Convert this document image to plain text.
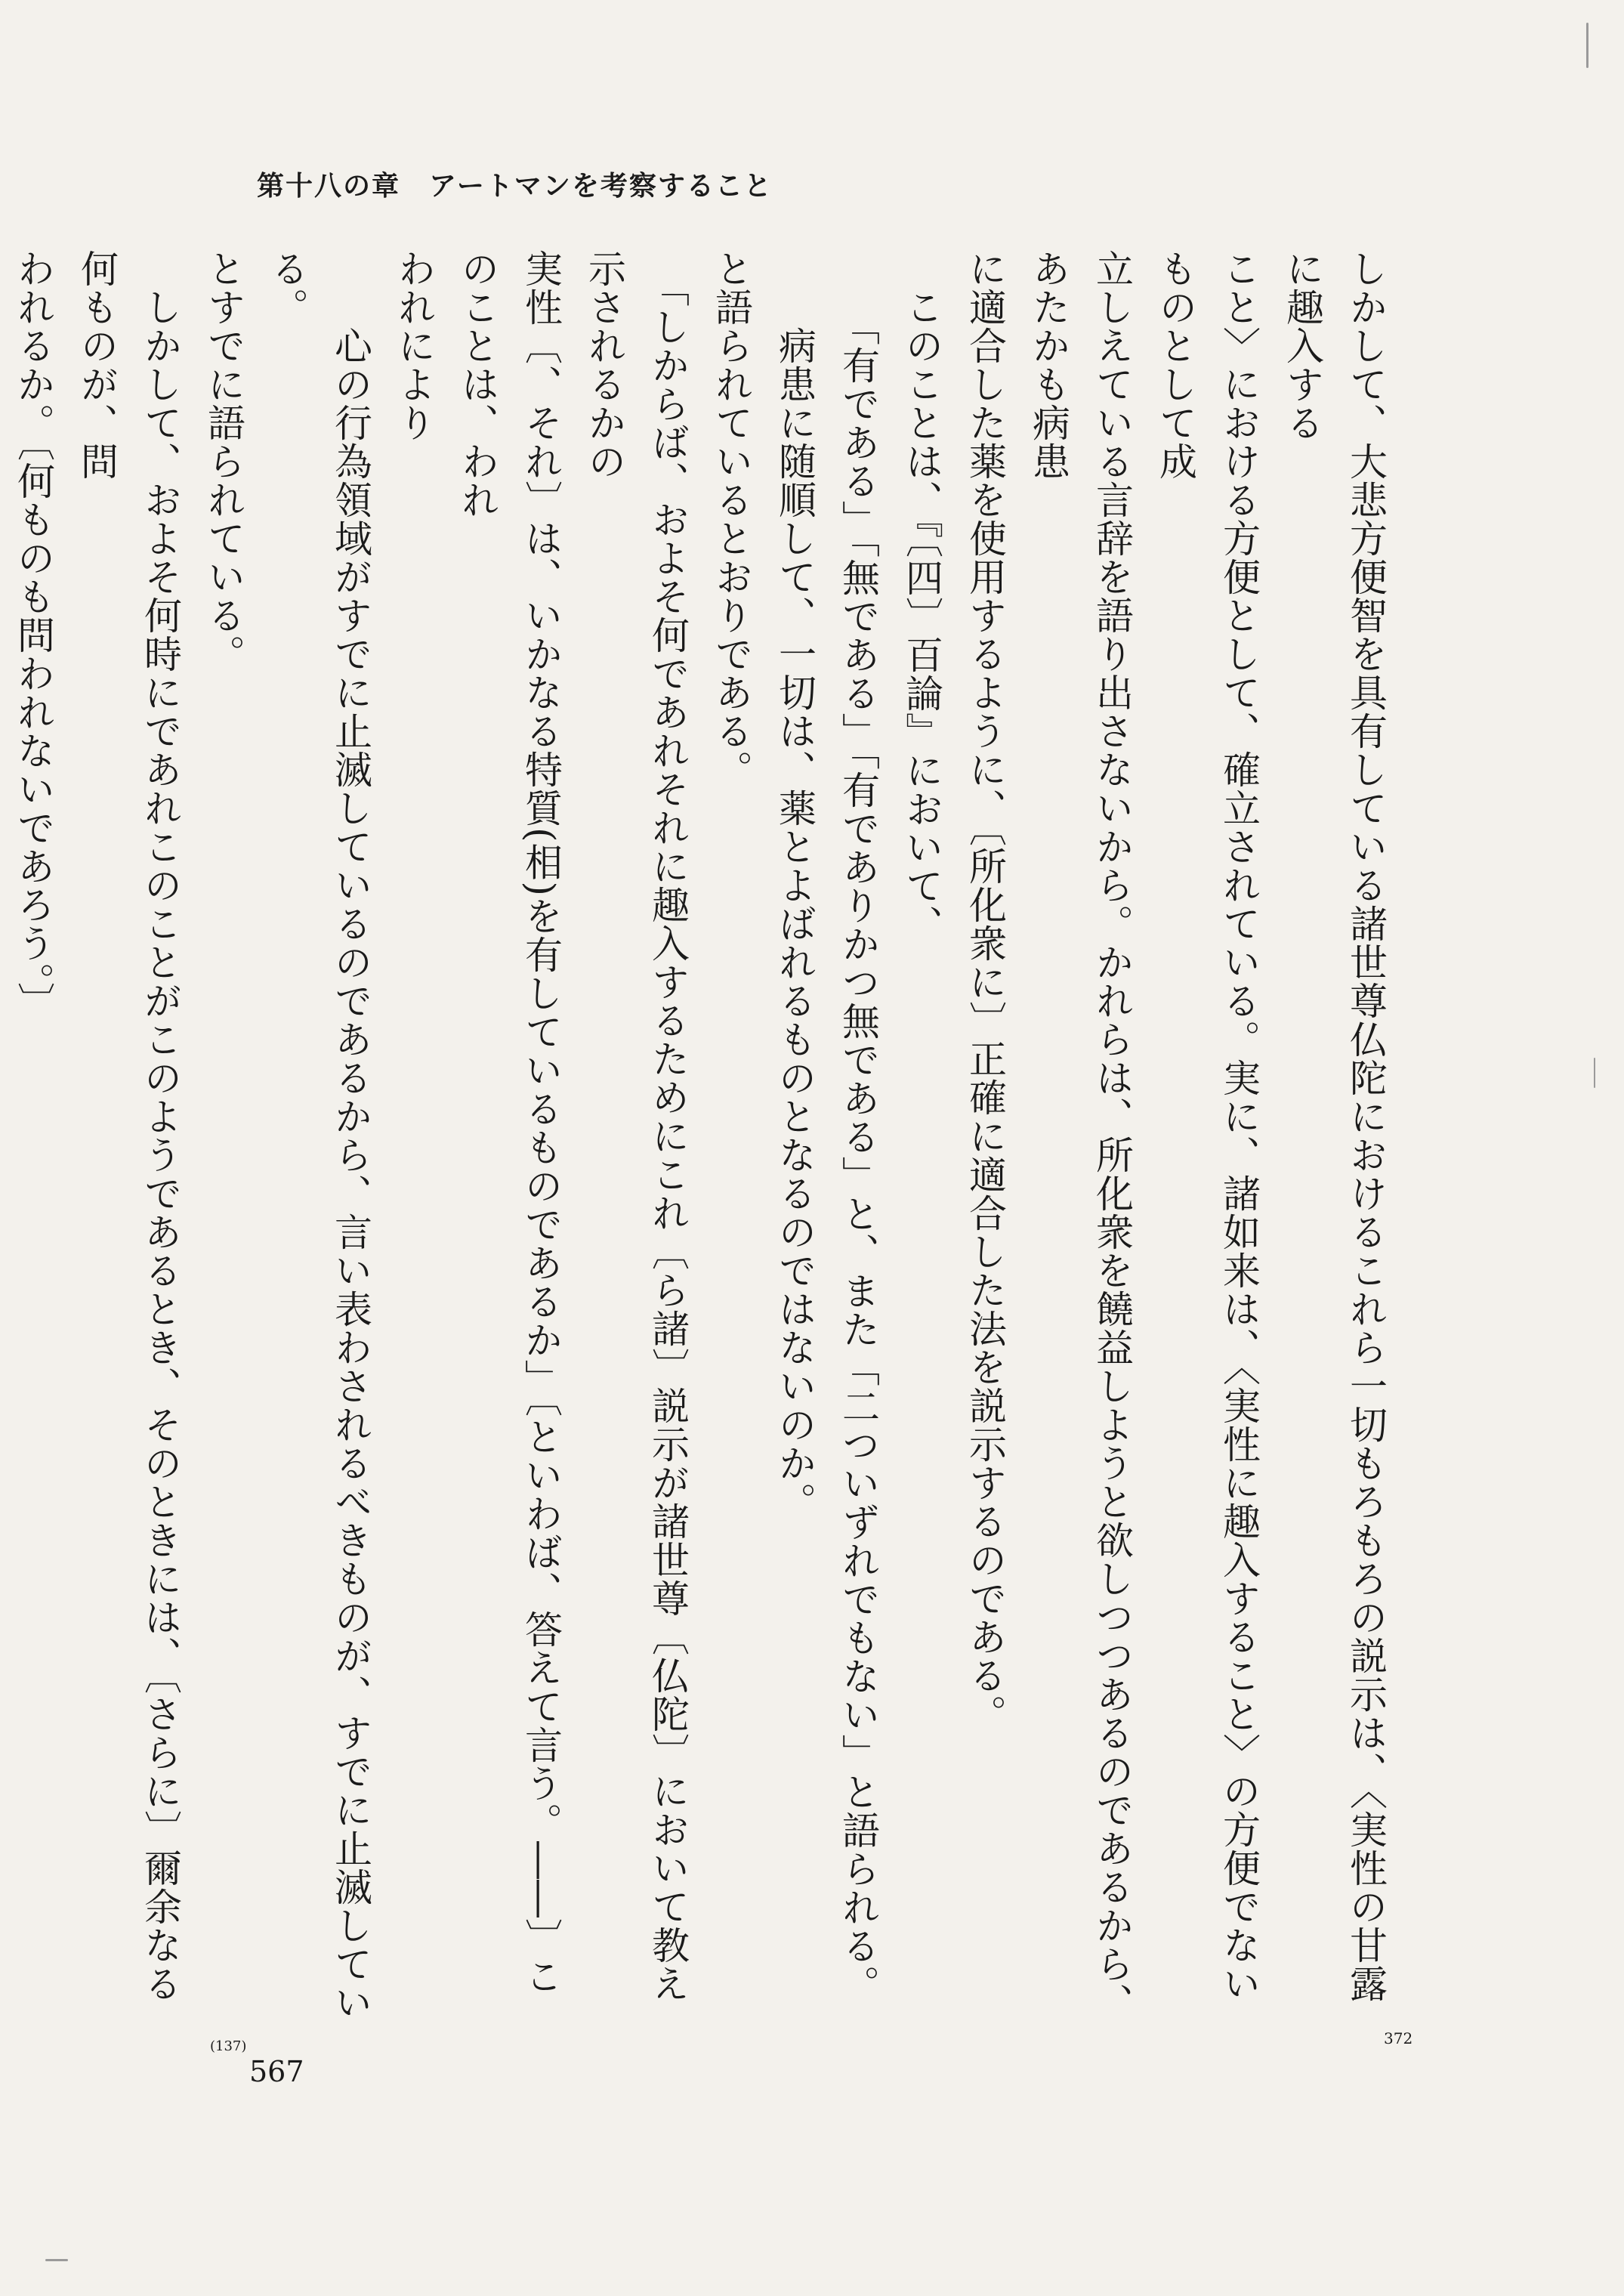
第十八の章　アートマンを考察すること

しかして、大悲方便智を具有している諸世尊仏陀におけるこれら一切もろもろの説示は、〈実性の甘露に趣入する

こと〉における方便として、確立されている。実に、諸如来は、〈実性に趣入すること〉の方便でないものとして成

立しえている言辞を語り出さないから。かれらは、所化衆を饒益しようと欲しつつあるのであるから、あたかも病患

に適合した薬を使用するように、〔所化衆に〕正確に適合した法を説示するのである。

　このことは、『〔四〕百論』において、

　　「有である」「無である」「有でありかつ無である」と、また「二ついずれでもない」と語られる。

　　病患に随順して、一切は、薬とよばれるものとなるのではないのか。

と語られているとおりである。

　「しからば、およそ何であれそれに趣入するためにこれ〔ら諸〕説示が諸世尊〔仏陀〕において教え示されるかの

実性〔、それ〕は、いかなる特質(相)を有しているものであるか」〔といわば、答えて言う。――〕このことは、われ

われにより

　　心の行為領域がすでに止滅しているのであるから、言い表わされるべきものが、すでに止滅している。

とすでに語られている。

　しかして、およそ何時にであれこのことがこのようであるとき、そのときには、〔さらに〕爾余なる何ものが、問

われるか。〔何ものも問われないであろう。〕

372
(137)
567
